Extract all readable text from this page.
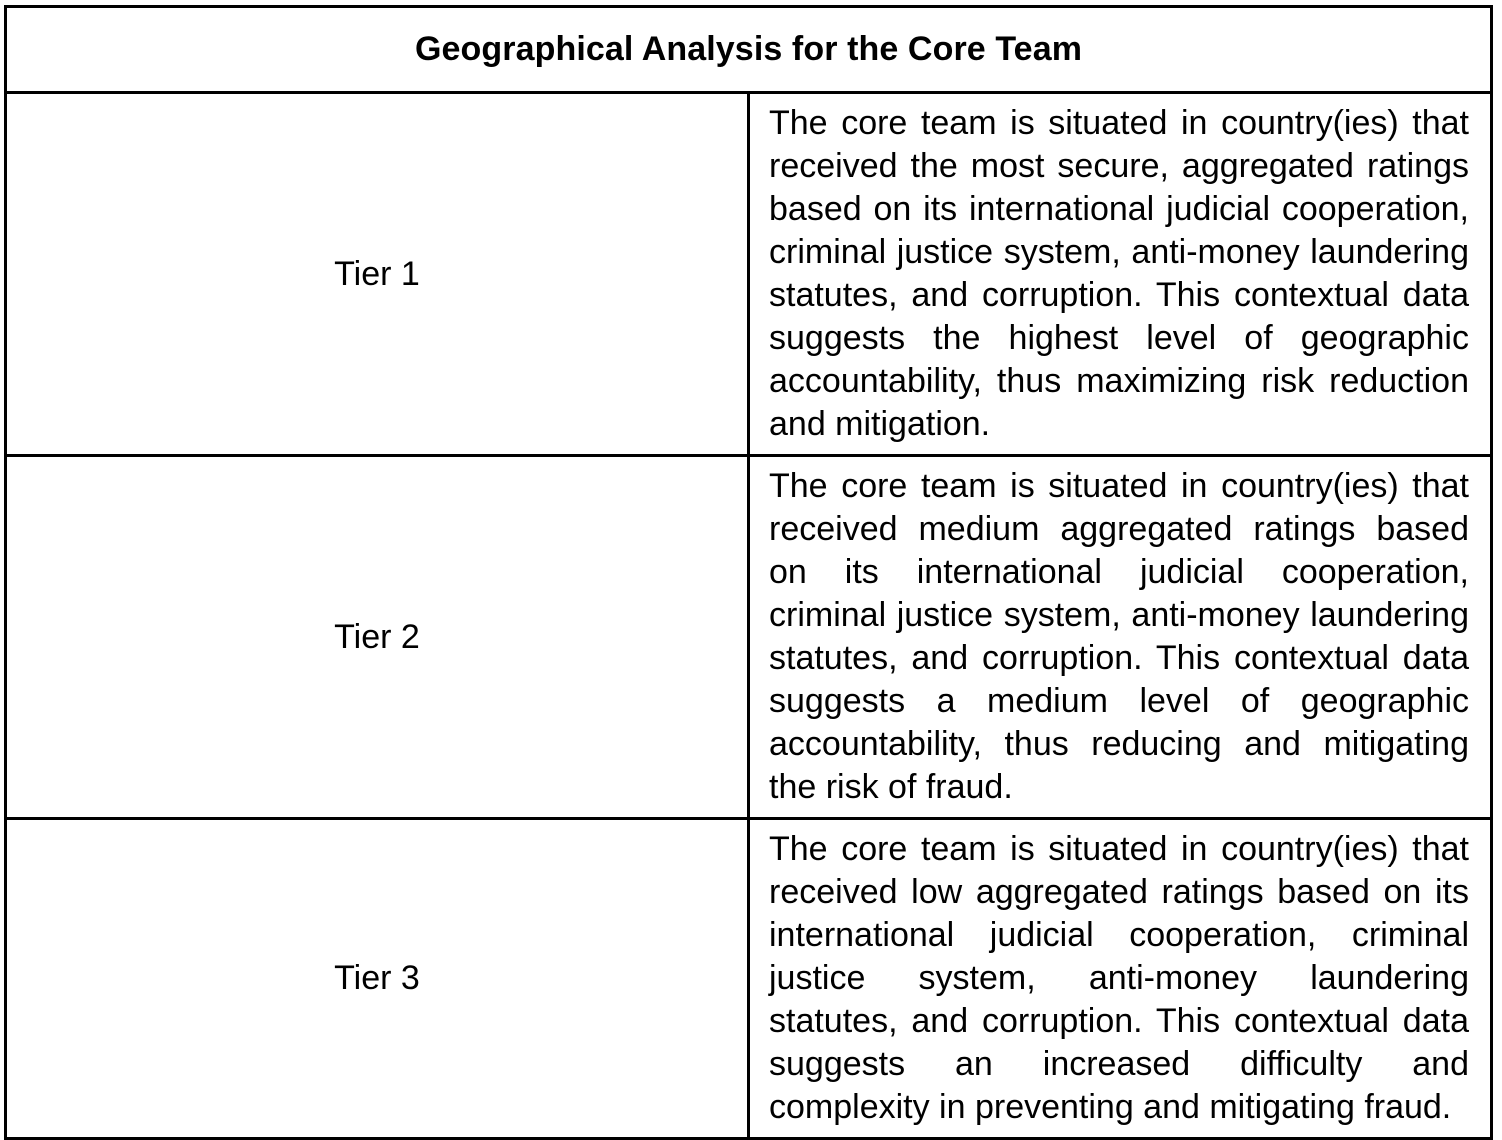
Geographical Analysis for the Core Team	
Tier 1	The core team is situated in country(ies) that received the most secure, aggregated ratings based on its international judicial cooperation, criminal justice system, anti-money laundering statutes, and corruption. This contextual data suggests the highest level of geographic accountability, thus maximizing risk reduction and mitigation.
Tier 2	The core team is situated in country(ies) that received medium aggregated ratings based on its international judicial cooperation, criminal justice system, anti-money laundering statutes, and corruption. This contextual data suggests a medium level of geographic accountability, thus reducing and mitigating the risk of fraud.
Tier 3	The core team is situated in country(ies) that received low aggregated ratings based on its international judicial cooperation, criminal justice system, anti-money laundering statutes, and corruption. This contextual data suggests an increased difficulty and complexity in preventing and mitigating fraud.
